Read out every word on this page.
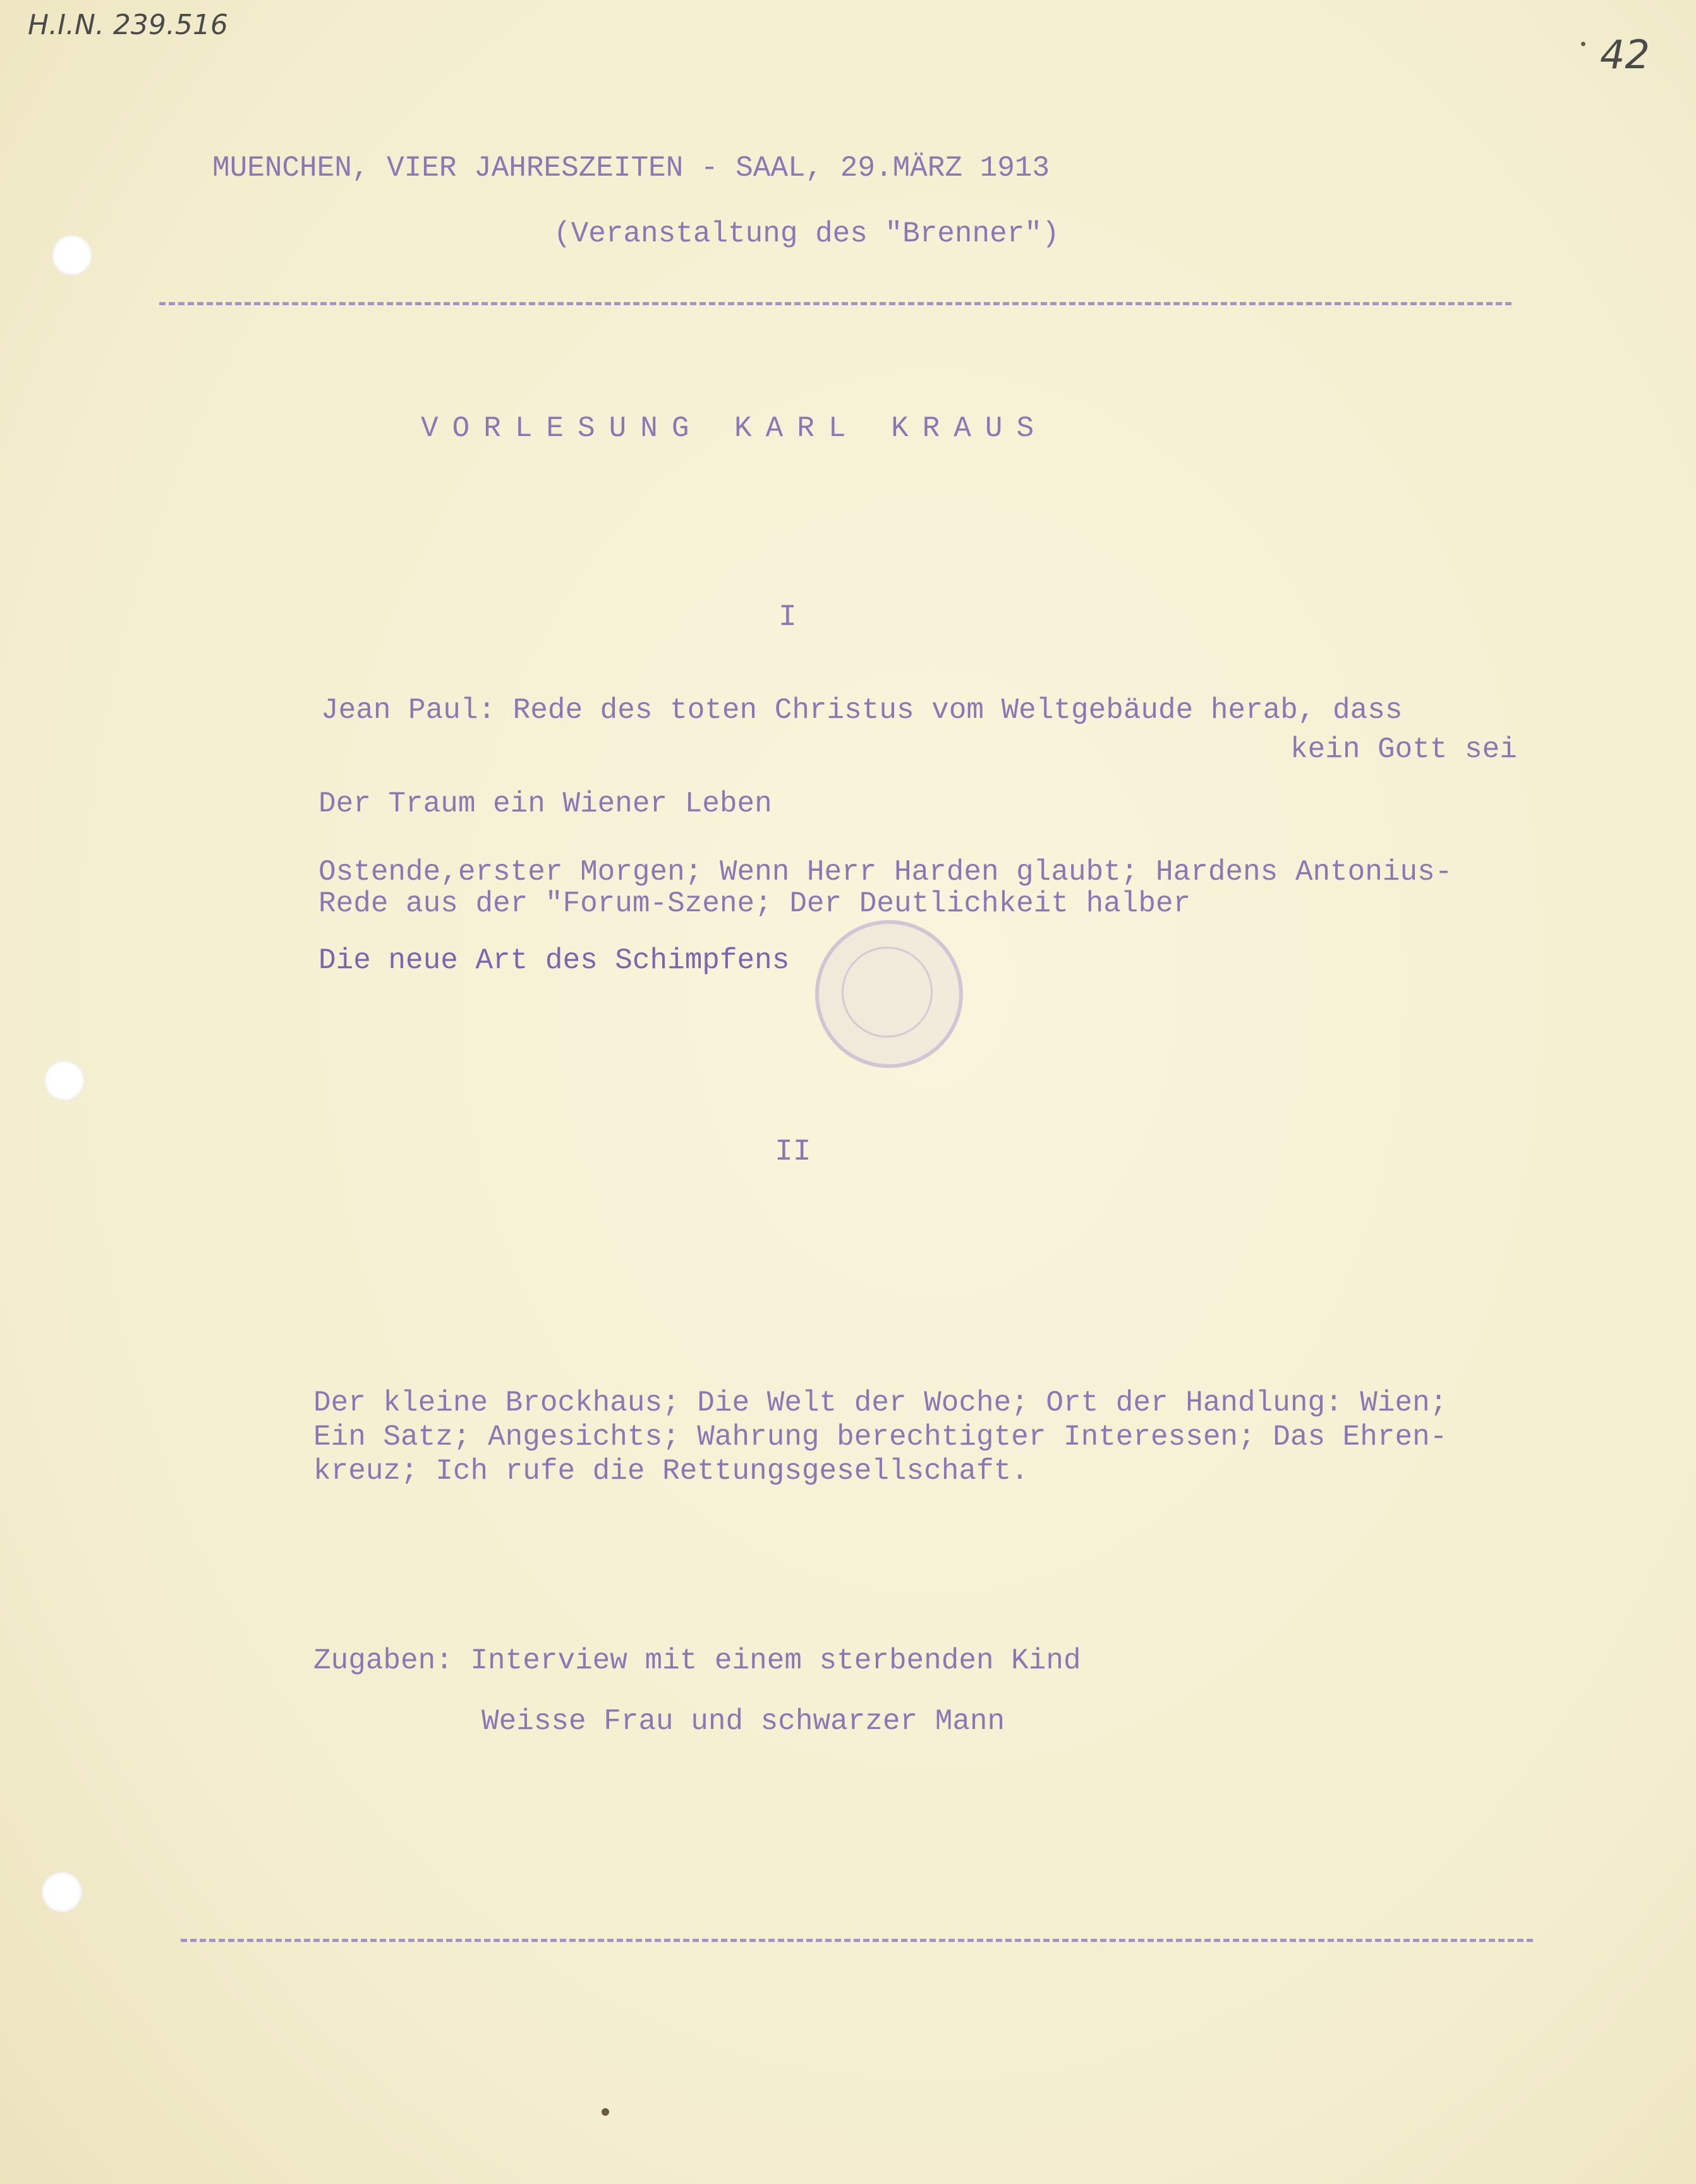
H.I.N. 239.516
42
MUENCHEN, VIER JAHRESZEITEN - SAAL, 29.MÄRZ 1913
(Veranstaltung des "Brenner")
VORLESUNG KARL KRAUS
I
Jean Paul: Rede des toten Christus vom Weltgebäude herab, dass
kein Gott sei
Der Traum ein Wiener Leben
Ostende,erster Morgen; Wenn Herr Harden glaubt; Hardens Antonius-
Rede aus der "Forum-Szene; Der Deutlichkeit halber
Die neue Art des Schimpfens
II
Der kleine Brockhaus; Die Welt der Woche; Ort der Handlung: Wien;
Ein Satz; Angesichts; Wahrung berechtigter Interessen; Das Ehren-
kreuz; Ich rufe die Rettungsgesellschaft.
Zugaben: Interview mit einem sterbenden Kind
Weisse Frau und schwarzer Mann
